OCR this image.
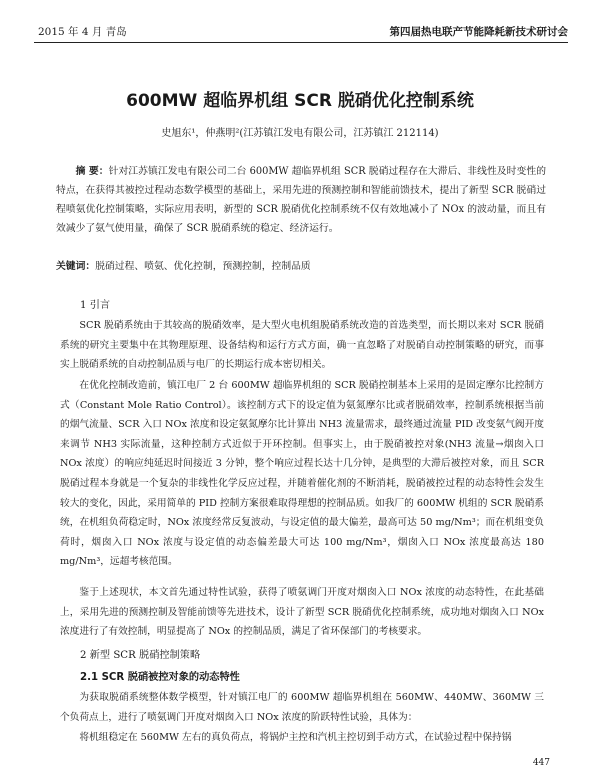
2015 年 4 月 青岛	第四届热电联产节能降耗新技术研讨会
600MW 超临界机组 SCR 脱硝优化控制系统
史旭东¹，仲燕明²(江苏镇江发电有限公司，江苏镇江 212114)

摘 要：针对江苏镇江发电有限公司二台 600MW 超临界机组 SCR 脱硝过程存在大滞后、非线性及时变性的特点，在获得其被控过程动态数学模型的基础上，采用先进的预测控制和智能前馈技术，提出了新型 SCR 脱硝过程喷氨优化控制策略，实际应用表明，新型的 SCR 脱硝优化控制系统不仅有效地减小了 NOx 的波动量，而且有效减少了氨气使用量，确保了 SCR 脱硝系统的稳定、经济运行。

关键词：脱硝过程、喷氨、优化控制，预测控制，控制品质

1 引言

SCR 脱硝系统由于其较高的脱硝效率，是大型火电机组脱硝系统改造的首选类型，而长期以来对 SCR 脱硝系统的研究主要集中在其物理原理、设备结构和运行方式方面，确一直忽略了对脱硝自动控制策略的研究，而事实上脱硝系统的自动控制品质与电厂的长期运行成本密切相关。

在优化控制改造前，镇江电厂 2 台 600MW 超临界机组的 SCR 脱硝控制基本上采用的是固定摩尔比控制方式（Constant Mole Ratio Control）。该控制方式下的设定值为氨氮摩尔比或者脱硝效率，控制系统根据当前的烟气流量、SCR 入口 NOx 浓度和设定氨氮摩尔比计算出 NH3 流量需求，最终通过流量 PID 改变氨气阀开度来调节 NH3 实际流量，这种控制方式近似于开环控制。但事实上，由于脱硝被控对象(NH3 流量→烟囱入口 NOx 浓度）的响应纯延迟时间接近 3 分钟，整个响应过程长达十几分钟，是典型的大滞后被控对象，而且 SCR 脱硝过程本身就是一个复杂的非线性化学反应过程，并随着催化剂的不断消耗，脱硝被控过程的动态特性会发生较大的变化，因此，采用简单的 PID 控制方案很难取得理想的控制品质。如我厂的 600MW 机组的 SCR 脱硝系统，在机组负荷稳定时，NOx 浓度经常反复波动，与设定值的最大偏差，最高可达 50 mg/Nm³；而在机组变负荷时，烟囱入口 NOx 浓度与设定值的动态偏差最大可达 100 mg/Nm³，烟囱入口 NOx 浓度最高达 180 mg/Nm³，远超考核范围。

鉴于上述现状，本文首先通过特性试验，获得了喷氨调门开度对烟囱入口 NOx 浓度的动态特性，在此基础上，采用先进的预测控制及智能前馈等先进技术，设计了新型 SCR 脱硝优化控制系统，成功地对烟囱入口 NOx 浓度进行了有效控制，明显提高了 NOx 的控制品质，满足了省环保部门的考核要求。

2 新型 SCR 脱硝控制策略

2.1 SCR 脱硝被控对象的动态特性

为获取脱硝系统整体数学模型，针对镇江电厂的 600MW 超临界机组在 560MW、440MW、360MW 三个负荷点上，进行了喷氨调门开度对烟囱入口 NOx 浓度的阶跃特性试验，具体为：

将机组稳定在 560MW 左右的真负荷点，将锅炉主控和汽机主控切到手动方式，在试验过程中保持锅

447
